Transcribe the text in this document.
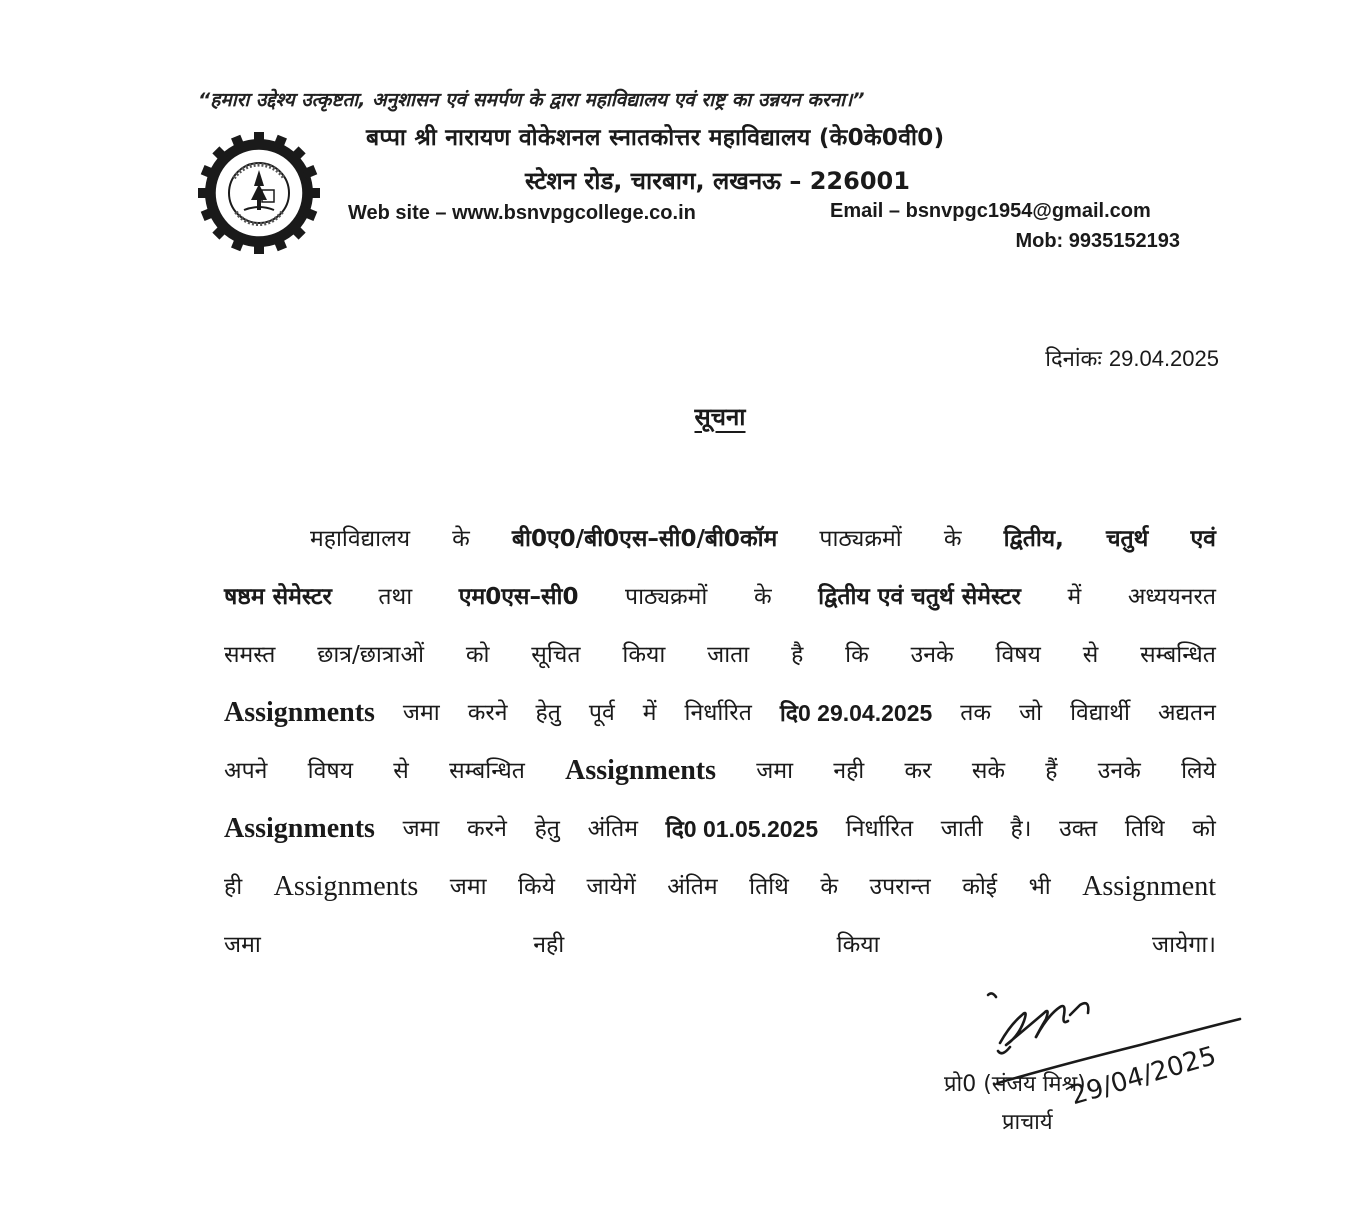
“हमारा उद्देश्य उत्कृष्टता, अनुशासन एवं समर्पण के द्वारा महाविद्यालय एवं राष्ट्र का उन्नयन करना।”
बप्पा श्री नारायण वोकेशनल स्नातकोत्तर महाविद्यालय (के0के0वी0)
स्टेशन रोड, चारबाग, लखनऊ – 226001
Web site – www.bsnvpgcollege.co.in	Email – bsnvpgc1954@gmail.com
Mob: 9935152193
दिनांकः 29.04.2025
सूचना
महाविद्यालय के बी0ए0/बी0एस–सी0/बी0कॉम पाठ्यक्रमों के द्वितीय, चतुर्थ एवं
षष्ठम सेमेस्टर तथा एम0एस–सी0 पाठ्यक्रमों के द्वितीय एवं चतुर्थ सेमेस्टर में अध्ययनरत
समस्त छात्र/छात्राओं को सूचित किया जाता है कि उनके विषय से सम्बन्धित
Assignments जमा करने हेतु पूर्व में निर्धारित दि0 29.04.2025 तक जो विद्यार्थी अद्यतन
अपने विषय से सम्बन्धित Assignments जमा नही कर सके हैं उनके लिये
Assignments जमा करने हेतु अंतिम दि0 01.05.2025 निर्धारित जाती है। उक्त तिथि को
ही Assignments जमा किये जायेगें अंतिम तिथि के उपरान्त कोई भी Assignment
जमा नही किया जायेगा।
29/04/2025
प्रो0 (संजय मिश्र)
प्राचार्य
